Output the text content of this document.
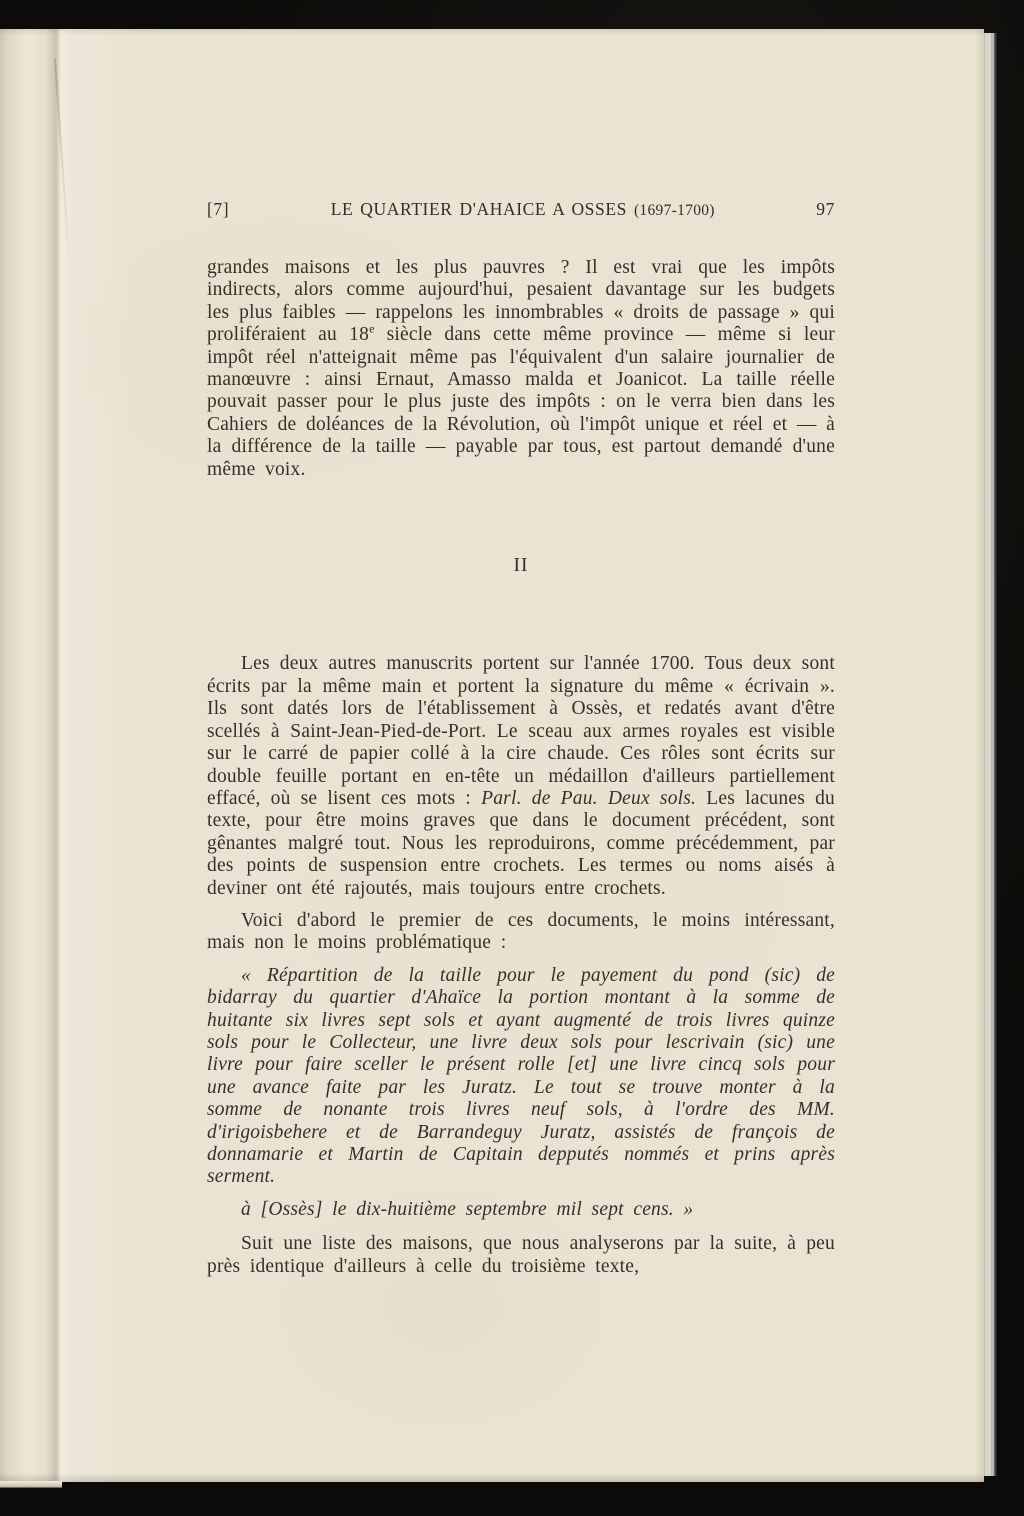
[7]	LE QUARTIER D'AHAICE A OSSES (1697-1700)	97

grandes maisons et les plus pauvres ? Il est vrai que les impôts indirects, alors comme aujourd'hui, pesaient davantage sur les budgets les plus faibles — rappelons les innombrables « droits de passage » qui proliféraient au 18e siècle dans cette même province — même si leur impôt réel n'atteignait même pas l'équivalent d'un salaire journalier de manœuvre : ainsi Ernaut, Amasso malda et Joanicot. La taille réelle pouvait passer pour le plus juste des impôts : on le verra bien dans les Cahiers de doléances de la Révolution, où l'impôt unique et réel et — à la différence de la taille — payable par tous, est partout demandé d'une même voix.

II

Les deux autres manuscrits portent sur l'année 1700. Tous deux sont écrits par la même main et portent la signature du même « écrivain ». Ils sont datés lors de l'établissement à Ossès, et redatés avant d'être scellés à Saint-Jean-Pied-de-Port. Le sceau aux armes royales est visible sur le carré de papier collé à la cire chaude. Ces rôles sont écrits sur double feuille portant en en-tête un médaillon d'ailleurs partiellement effacé, où se lisent ces mots : Parl. de Pau. Deux sols. Les lacunes du texte, pour être moins graves que dans le document précédent, sont gênantes malgré tout. Nous les reproduirons, comme précédemment, par des points de suspension entre crochets. Les termes ou noms aisés à deviner ont été rajoutés, mais toujours entre crochets.

Voici d'abord le premier de ces documents, le moins intéressant, mais non le moins problématique :

« Répartition de la taille pour le payement du pond (sic) de bidarray du quartier d'Ahaïce la portion montant à la somme de huitante six livres sept sols et ayant augmenté de trois livres quinze sols pour le Collecteur, une livre deux sols pour lescrivain (sic) une livre pour faire sceller le présent rolle [et] une livre cincq sols pour une avance faite par les Juratz. Le tout se trouve monter à la somme de nonante trois livres neuf sols, à l'ordre des MM. d'irigoisbehere et de Barrandeguy Juratz, assistés de françois de donnamarie et Martin de Capitain depputés nommés et prins après serment.

à [Ossès] le dix-huitième septembre mil sept cens. »

Suit une liste des maisons, que nous analyserons par la suite, à peu près identique d'ailleurs à celle du troisième texte,
